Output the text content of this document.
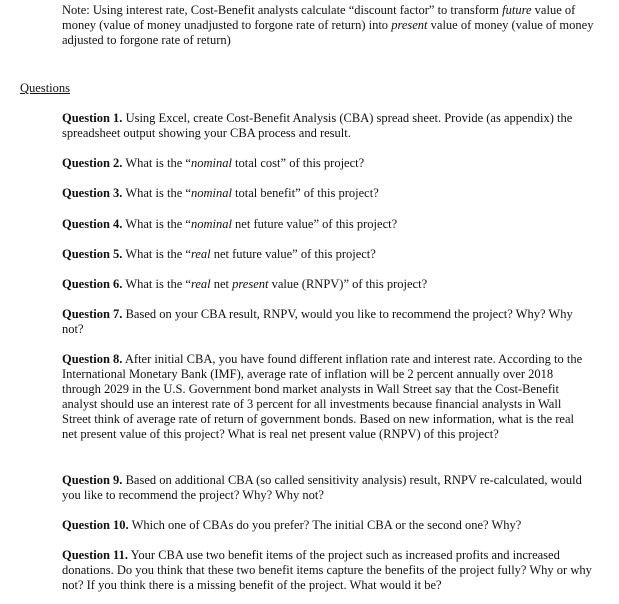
Note: Using interest rate, Cost-Benefit analysts calculate “discount factor” to transform future value of money (value of money unadjusted to forgone rate of return) into present value of money (value of money adjusted to forgone rate of return)
Questions
Question 1. Using Excel, create Cost-Benefit Analysis (CBA) spread sheet. Provide (as appendix) the spreadsheet output showing your CBA process and result.
Question 2. What is the “nominal total cost” of this project?
Question 3. What is the “nominal total benefit” of this project?
Question 4. What is the “nominal net future value” of this project?
Question 5. What is the “real net future value” of this project?
Question 6. What is the “real net present value (RNPV)” of this project?
Question 7. Based on your CBA result, RNPV, would you like to recommend the project? Why? Why not?
Question 8. After initial CBA, you have found different inflation rate and interest rate. According to the International Monetary Bank (IMF), average rate of inflation will be 2 percent annually over 2018 through 2029 in the U.S. Government bond market analysts in Wall Street say that the Cost-Benefit analyst should use an interest rate of 3 percent for all investments because financial analysts in Wall Street think of average rate of return of government bonds. Based on new information, what is the real net present value of this project? What is real net present value (RNPV) of this project?
Question 9. Based on additional CBA (so called sensitivity analysis) result, RNPV re-calculated, would you like to recommend the project? Why? Why not?
Question 10. Which one of CBAs do you prefer? The initial CBA or the second one? Why?
Question 11. Your CBA use two benefit items of the project such as increased profits and increased donations. Do you think that these two benefit items capture the benefits of the project fully? Why or why not? If you think there is a missing benefit of the project. What would it be?
